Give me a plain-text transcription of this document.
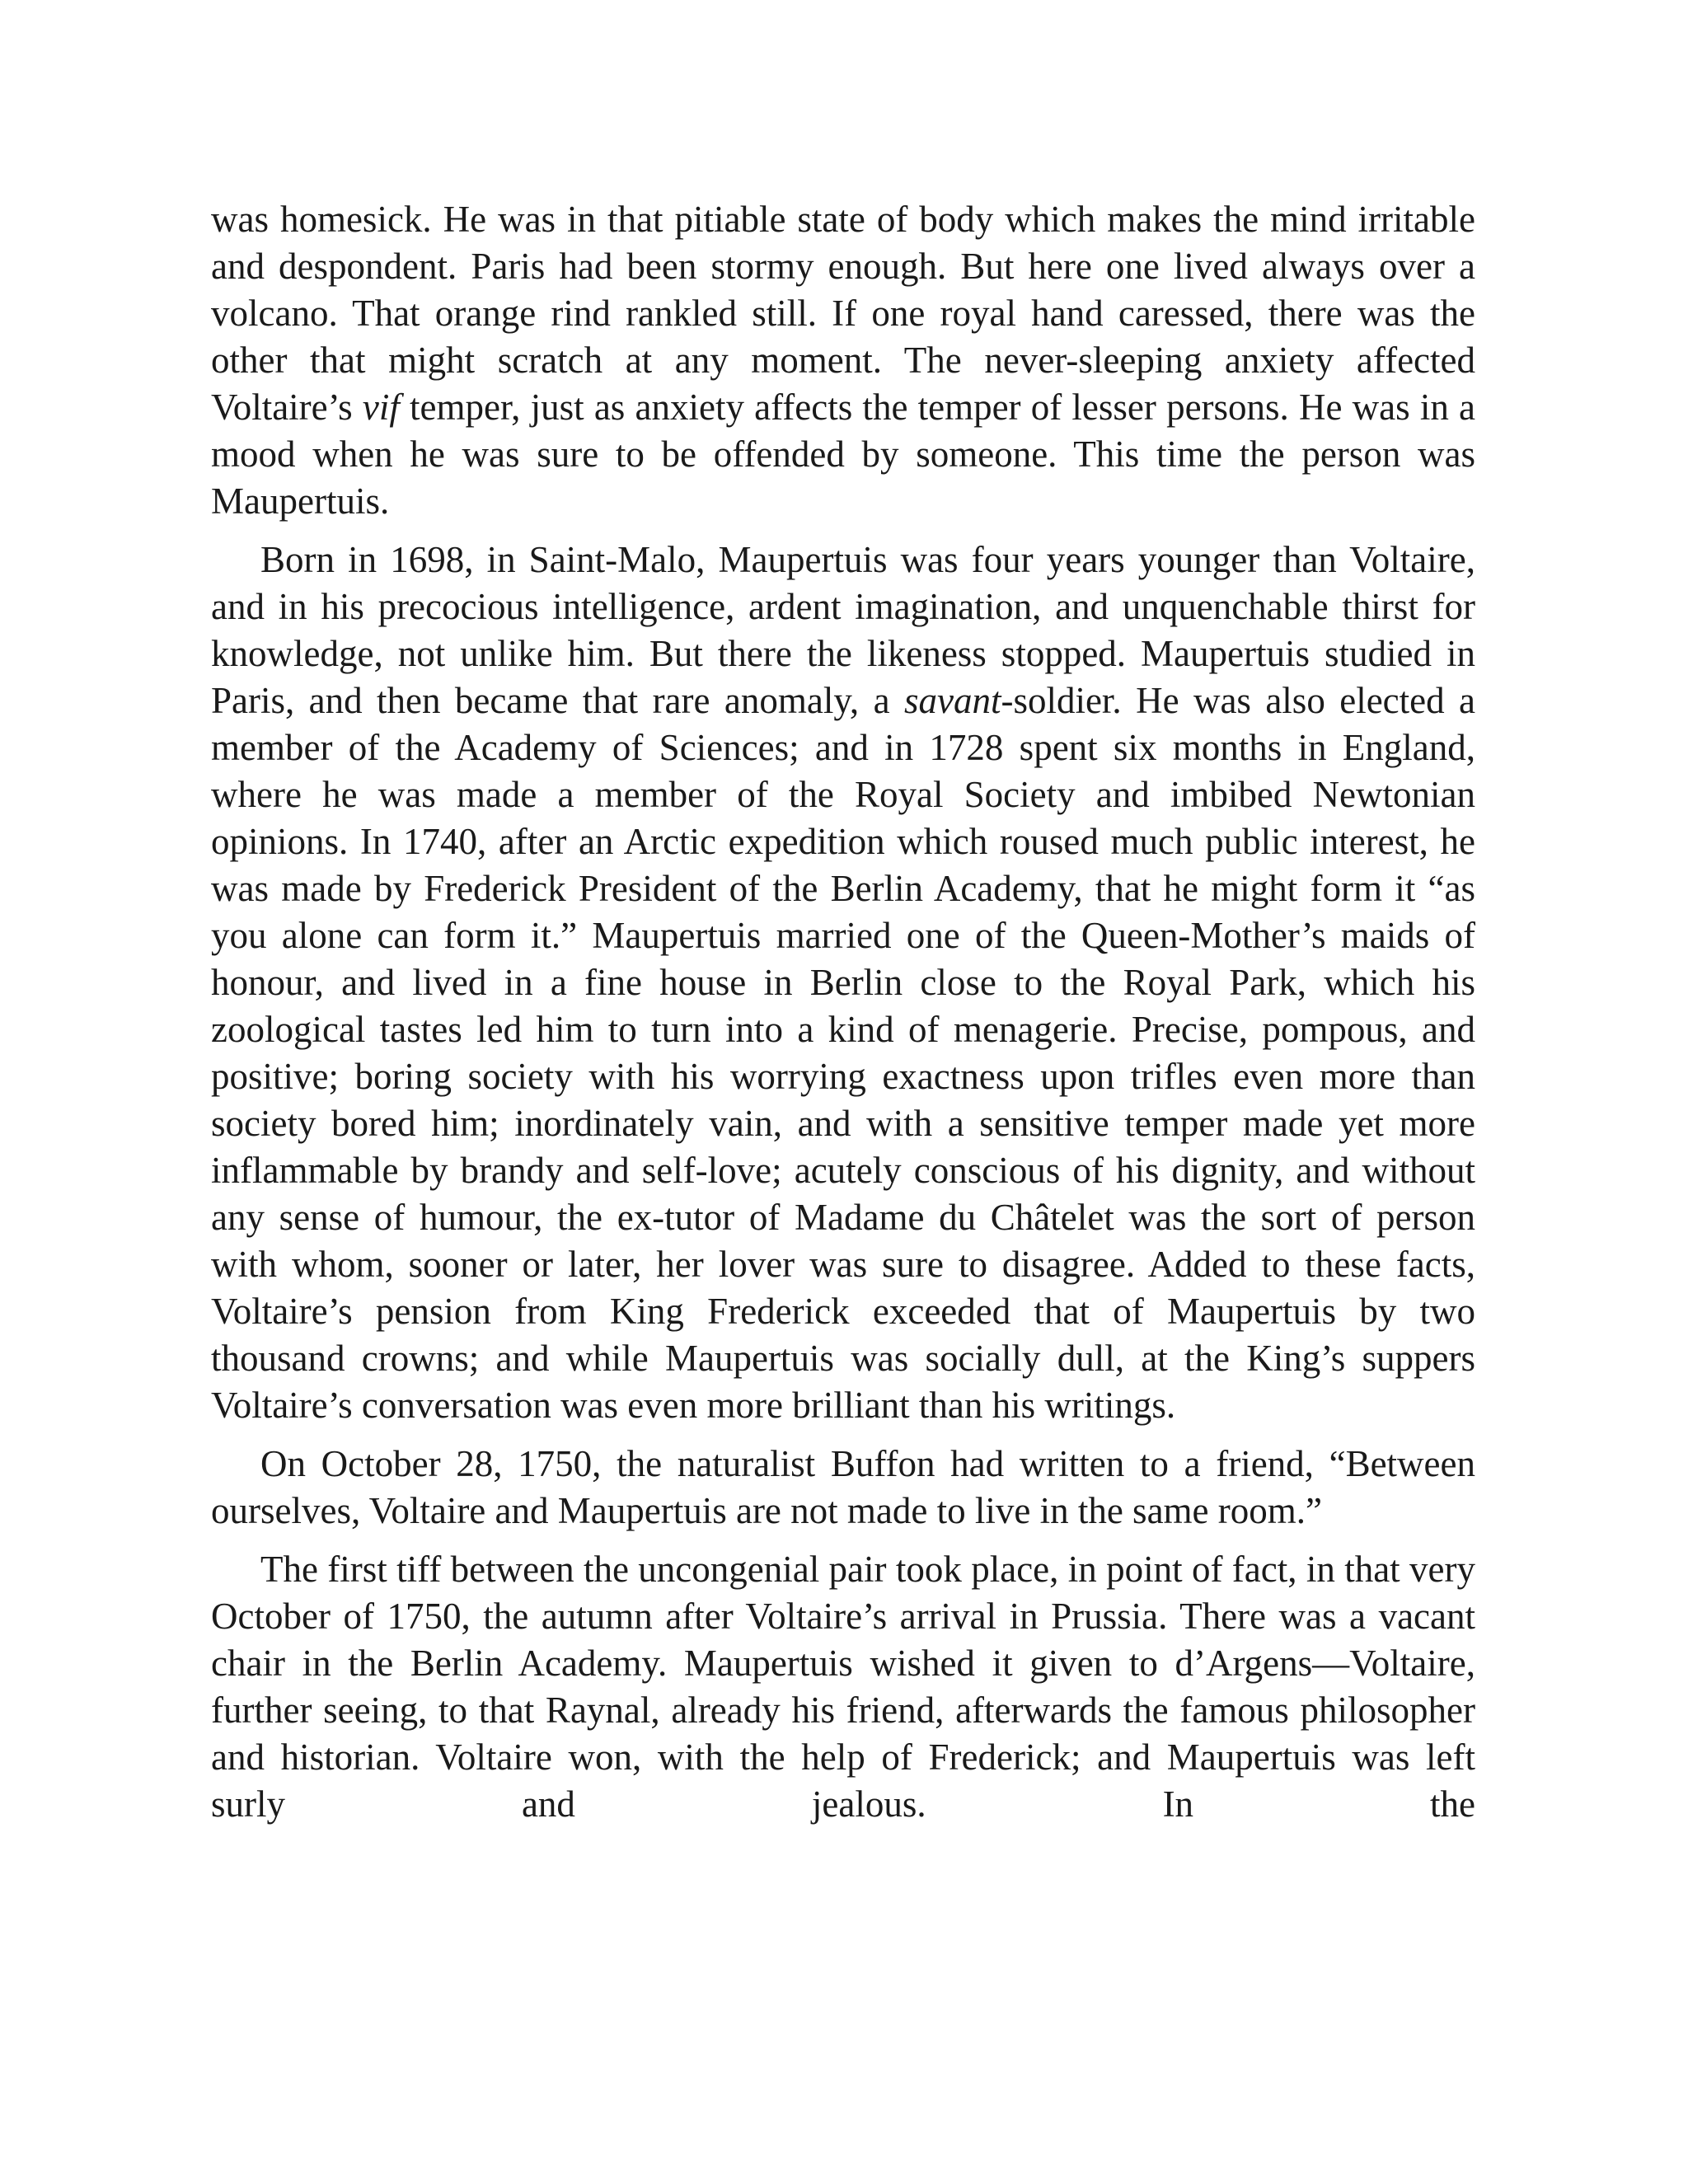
was homesick. He was in that pitiable state of body which makes the mind irritable and despondent. Paris had been stormy enough. But here one lived always over a volcano. That orange rind rankled still. If one royal hand caressed, there was the other that might scratch at any moment. The never-sleeping anxiety affected Voltaire’s vif temper, just as anxiety affects the temper of lesser persons. He was in a mood when he was sure to be offended by someone. This time the person was Maupertuis.

Born in 1698, in Saint-Malo, Maupertuis was four years younger than Voltaire, and in his precocious intelligence, ardent imagination, and unquenchable thirst for knowledge, not unlike him. But there the likeness stopped. Maupertuis studied in Paris, and then became that rare anomaly, a savant-soldier. He was also elected a member of the Academy of Sciences; and in 1728 spent six months in England, where he was made a member of the Royal Society and imbibed Newtonian opinions. In 1740, after an Arctic expedition which roused much public interest, he was made by Frederick President of the Berlin Academy, that he might form it “as you alone can form it.” Maupertuis married one of the Queen-Mother’s maids of honour, and lived in a fine house in Berlin close to the Royal Park, which his zoological tastes led him to turn into a kind of menagerie. Precise, pompous, and positive; boring society with his worrying exactness upon trifles even more than society bored him; inordinately vain, and with a sensitive temper made yet more inflammable by brandy and self-love; acutely conscious of his dignity, and without any sense of humour, the ex-tutor of Madame du Châtelet was the sort of person with whom, sooner or later, her lover was sure to disagree. Added to these facts, Voltaire’s pension from King Frederick exceeded that of Maupertuis by two thousand crowns; and while Maupertuis was socially dull, at the King’s suppers Voltaire’s conversation was even more brilliant than his writings.

On October 28, 1750, the naturalist Buffon had written to a friend, “Between ourselves, Voltaire and Maupertuis are not made to live in the same room.”

The first tiff between the uncongenial pair took place, in point of fact, in that very October of 1750, the autumn after Voltaire’s arrival in Prussia. There was a vacant chair in the Berlin Academy. Maupertuis wished it given to d’Argens—Voltaire, further seeing, to that Raynal, already his friend, afterwards the famous philosopher and historian. Voltaire won, with the help of Frederick; and Maupertuis was left surly and jealous. In the
